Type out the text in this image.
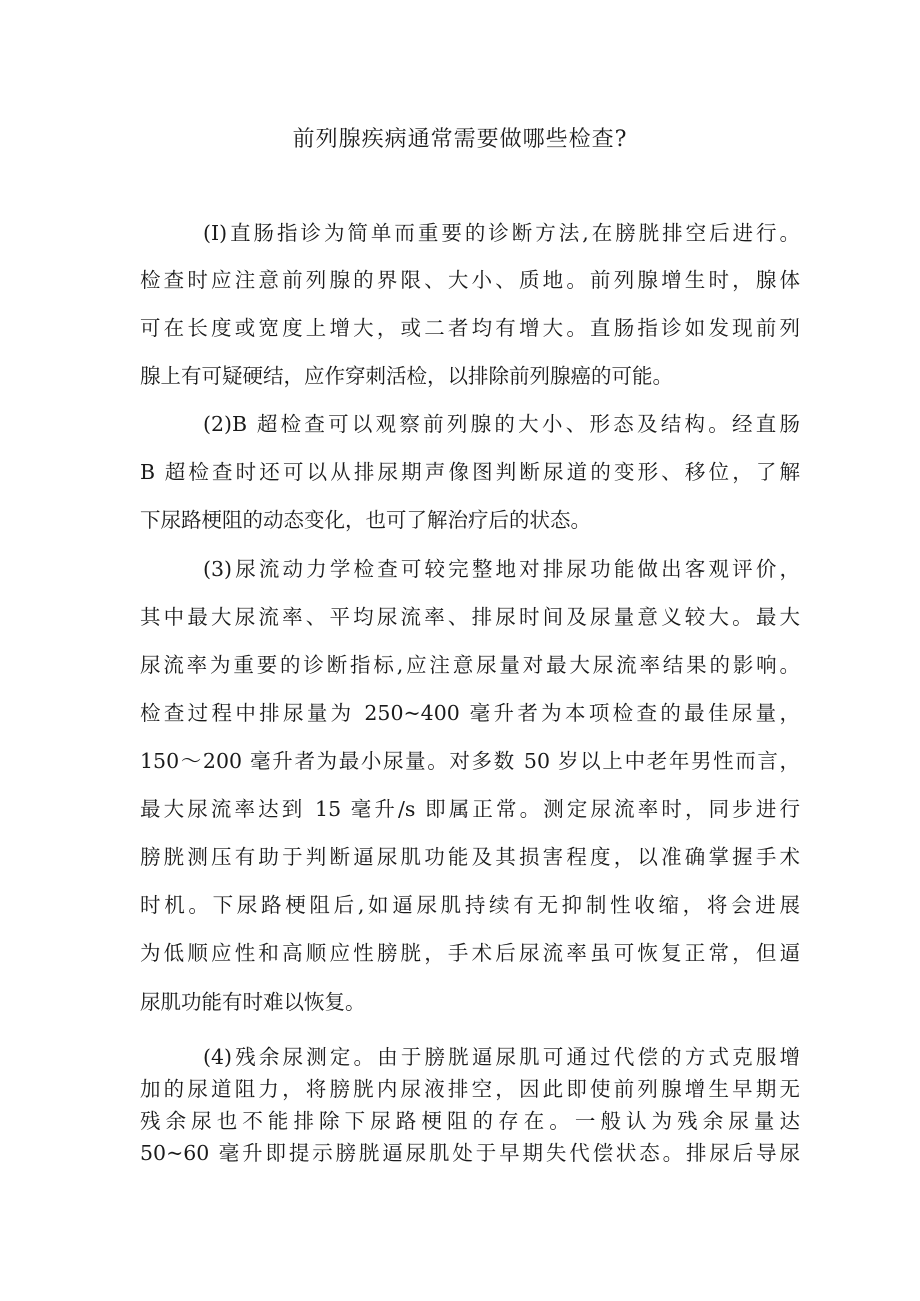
前列腺疾病通常需要做哪些检查?

(I)直肠指诊为简单而重要的诊断方法,在膀胱排空后进行。

检查时应注意前列腺的界限、大小、质地。前列腺增生时，腺体

可在长度或宽度上增大，或二者均有增大。直肠指诊如发现前列

腺上有可疑硬结，应作穿刺活检，以排除前列腺癌的可能。

(2)B 超检查可以观察前列腺的大小、形态及结构。经直肠

B 超检查时还可以从排尿期声像图判断尿道的变形、移位，了解

下尿路梗阻的动态变化，也可了解治疗后的状态。

(3)尿流动力学检查可较完整地对排尿功能做出客观评价，

其中最大尿流率、平均尿流率、排尿时间及尿量意义较大。最大

尿流率为重要的诊断指标,应注意尿量对最大尿流率结果的影响。

检查过程中排尿量为 250~400 毫升者为本项检查的最佳尿量，

150～200 毫升者为最小尿量。对多数 50 岁以上中老年男性而言，

最大尿流率达到 15 毫升/s 即属正常。测定尿流率时，同步进行

膀胱测压有助于判断逼尿肌功能及其损害程度，以准确掌握手术

时机。下尿路梗阻后,如逼尿肌持续有无抑制性收缩，将会进展

为低顺应性和高顺应性膀胱，手术后尿流率虽可恢复正常，但逼

尿肌功能有时难以恢复。

(4)残余尿测定。由于膀胱逼尿肌可通过代偿的方式克服增

加的尿道阻力，将膀胱内尿液排空，因此即使前列腺增生早期无

残余尿也不能排除下尿路梗阻的存在。一般认为残余尿量达

50~60 毫升即提示膀胱逼尿肌处于早期失代偿状态。排尿后导尿
